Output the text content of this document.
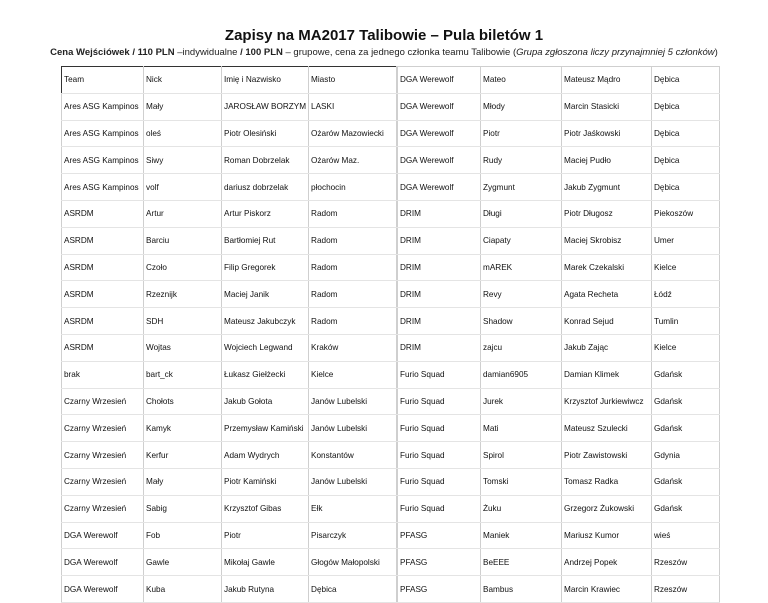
Zapisy na MA2017 Talibowie – Pula biletów 1
Cena Wejściówek / 110 PLN –indywidualne / 100 PLN – grupowe, cena za jednego członka teamu Talibowie (Grupa zgłoszona liczy przynajmniej 5 członków)
Team	Nick	Imię i Nazwisko	Miasto
Ares ASG Kampinos	Mały	JAROSŁAW BORZYM	LASKI
Ares ASG Kampinos	oleś	Piotr Olesiński	Ożarów Mazowiecki
Ares ASG Kampinos	Siwy	Roman Dobrzelak	Ożarów Maz.
Ares ASG Kampinos	volf	dariusz dobrzelak	płochocin
ASRDM	Artur	Artur Piskorz	Radom
ASRDM	Barciu	Bartłomiej Rut	Radom
ASRDM	Czoło	Filip Gregorek	Radom
ASRDM	Rzeznijk	Maciej Janik	Radom
ASRDM	SDH	Mateusz Jakubczyk	Radom
ASRDM	Wojtas	Wojciech Legwand	Kraków
brak	bart_ck	Łukasz Giełżecki	Kielce
Czarny Wrzesień	Chołots	Jakub Gołota	Janów Lubelski
Czarny Wrzesień	Kamyk	Przemysław Kamiński	Janów Lubelski
Czarny Wrzesień	Kerfur	Adam Wydrych	Konstantów
Czarny Wrzesień	Mały	Piotr Kamiński	Janów Lubelski
Czarny Wrzesień	Sabig	Krzysztof Gibas	Ełk
DGA Werewolf	Fob	Piotr	Pisarczyk
DGA Werewolf	Gawle	Mikołaj Gawle	Głogów Małopolski
DGA Werewolf	Kuba	Jakub Rutyna	Dębica
DGA Werewolf	Mateo	Mateusz Mądro	Dębica
DGA Werewolf	Młody	Marcin Stasicki	Dębica
DGA Werewolf	Piotr	Piotr Jaśkowski	Dębica
DGA Werewolf	Rudy	Maciej Pudło	Dębica
DGA Werewolf	Zygmunt	Jakub Zygmunt	Dębica
DRIM	Długi	Piotr Długosz	Piekoszów
DRIM	Ciapaty	Maciej Skrobisz	Umer
DRIM	mAREK	Marek Czekalski	Kielce
DRIM	Revy	Agata Recheta	Łódź
DRIM	Shadow	Konrad Sejud	Tumlin
DRIM	zajcu	Jakub Zając	Kielce
Furio Squad	damian6905	Damian Klimek	Gdańsk
Furio Squad	Jurek	Krzysztof Jurkiewiwcz	Gdańsk
Furio Squad	Mati	Mateusz Szulecki	Gdańsk
Furio Squad	Spirol	Piotr Zawistowski	Gdynia
Furio Squad	Tomski	Tomasz Radka	Gdańsk
Furio Squad	Żuku	Grzegorz Żukowski	Gdańsk
PFASG	Maniek	Mariusz Kumor	wieś
PFASG	BeEEE	Andrzej Popek	Rzeszów
PFASG	Bambus	Marcin Krawiec	Rzeszów
